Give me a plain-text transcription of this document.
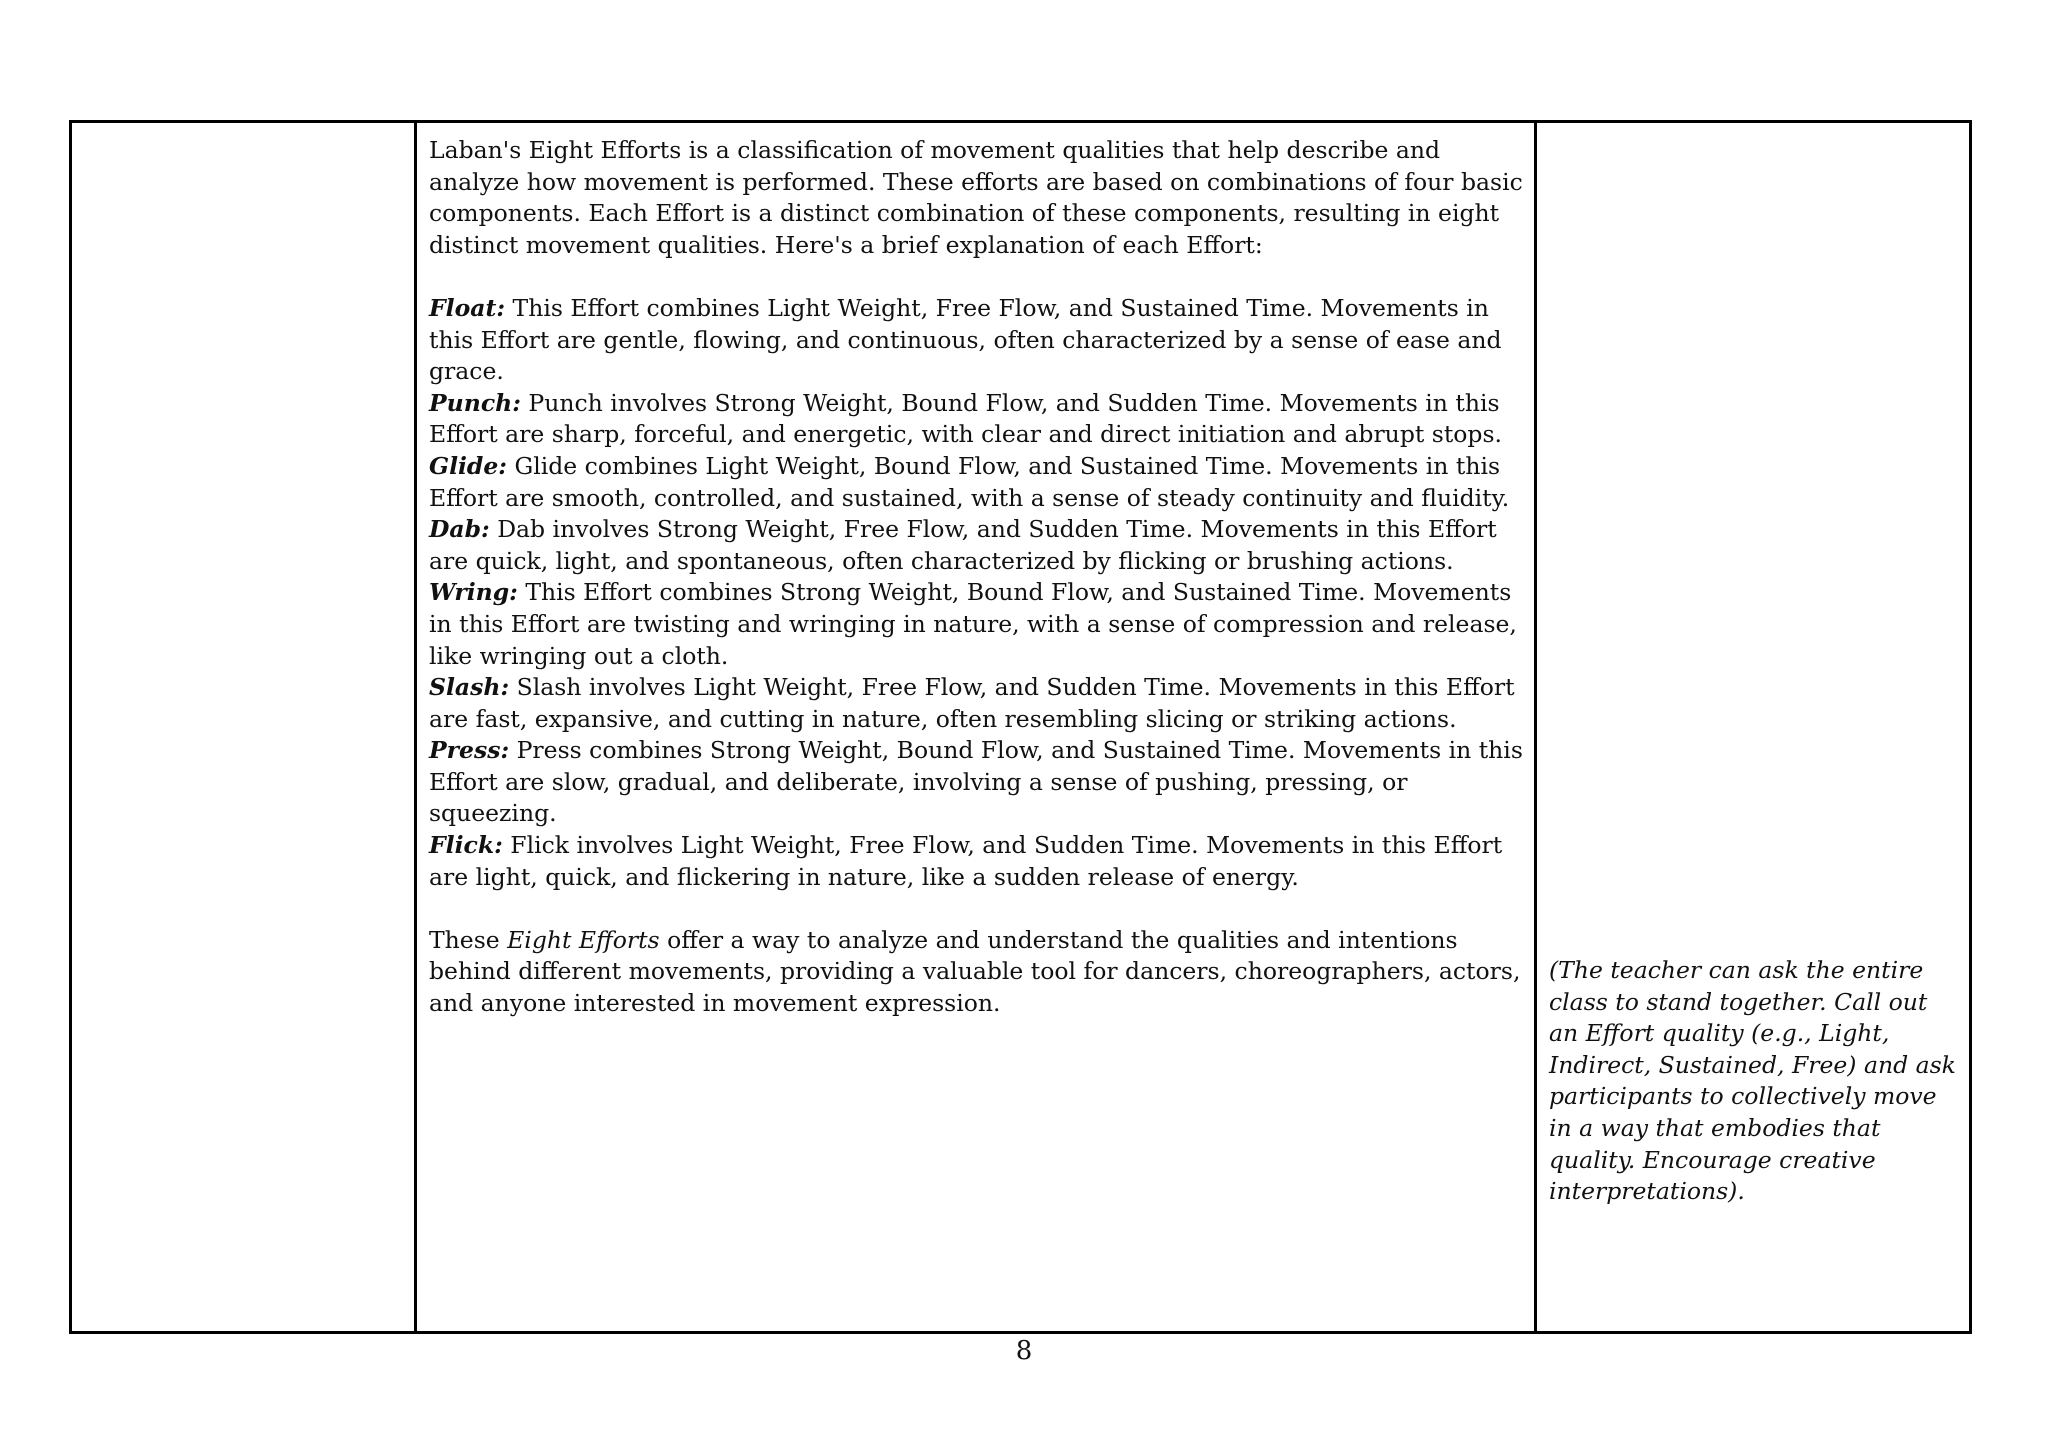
Laban's Eight Efforts is a classification of movement qualities that help describe and analyze how movement is performed. These efforts are based on combinations of four basic components. Each Effort is a distinct combination of these components, resulting in eight distinct movement qualities. Here's a brief explanation of each Effort:

Float: This Effort combines Light Weight, Free Flow, and Sustained Time. Movements in this Effort are gentle, flowing, and continuous, often characterized by a sense of ease and grace.

Punch: Punch involves Strong Weight, Bound Flow, and Sudden Time. Movements in this Effort are sharp, forceful, and energetic, with clear and direct initiation and abrupt stops.

Glide: Glide combines Light Weight, Bound Flow, and Sustained Time. Movements in this Effort are smooth, controlled, and sustained, with a sense of steady continuity and fluidity.

Dab: Dab involves Strong Weight, Free Flow, and Sudden Time. Movements in this Effort are quick, light, and spontaneous, often characterized by flicking or brushing actions.

Wring: This Effort combines Strong Weight, Bound Flow, and Sustained Time. Movements in this Effort are twisting and wringing in nature, with a sense of compression and release, like wringing out a cloth.

Slash: Slash involves Light Weight, Free Flow, and Sudden Time. Movements in this Effort are fast, expansive, and cutting in nature, often resembling slicing or striking actions.

Press: Press combines Strong Weight, Bound Flow, and Sustained Time. Movements in this Effort are slow, gradual, and deliberate, involving a sense of pushing, pressing, or squeezing.

Flick: Flick involves Light Weight, Free Flow, and Sudden Time. Movements in this Effort are light, quick, and flickering in nature, like a sudden release of energy.

These Eight Efforts offer a way to analyze and understand the qualities and intentions behind different movements, providing a valuable tool for dancers, choreographers, actors, and anyone interested in movement expression.

(The teacher can ask the entire class to stand together. Call out an Effort quality (e.g., Light, Indirect, Sustained, Free) and ask participants to collectively move in a way that embodies that quality. Encourage creative interpretations).

8
